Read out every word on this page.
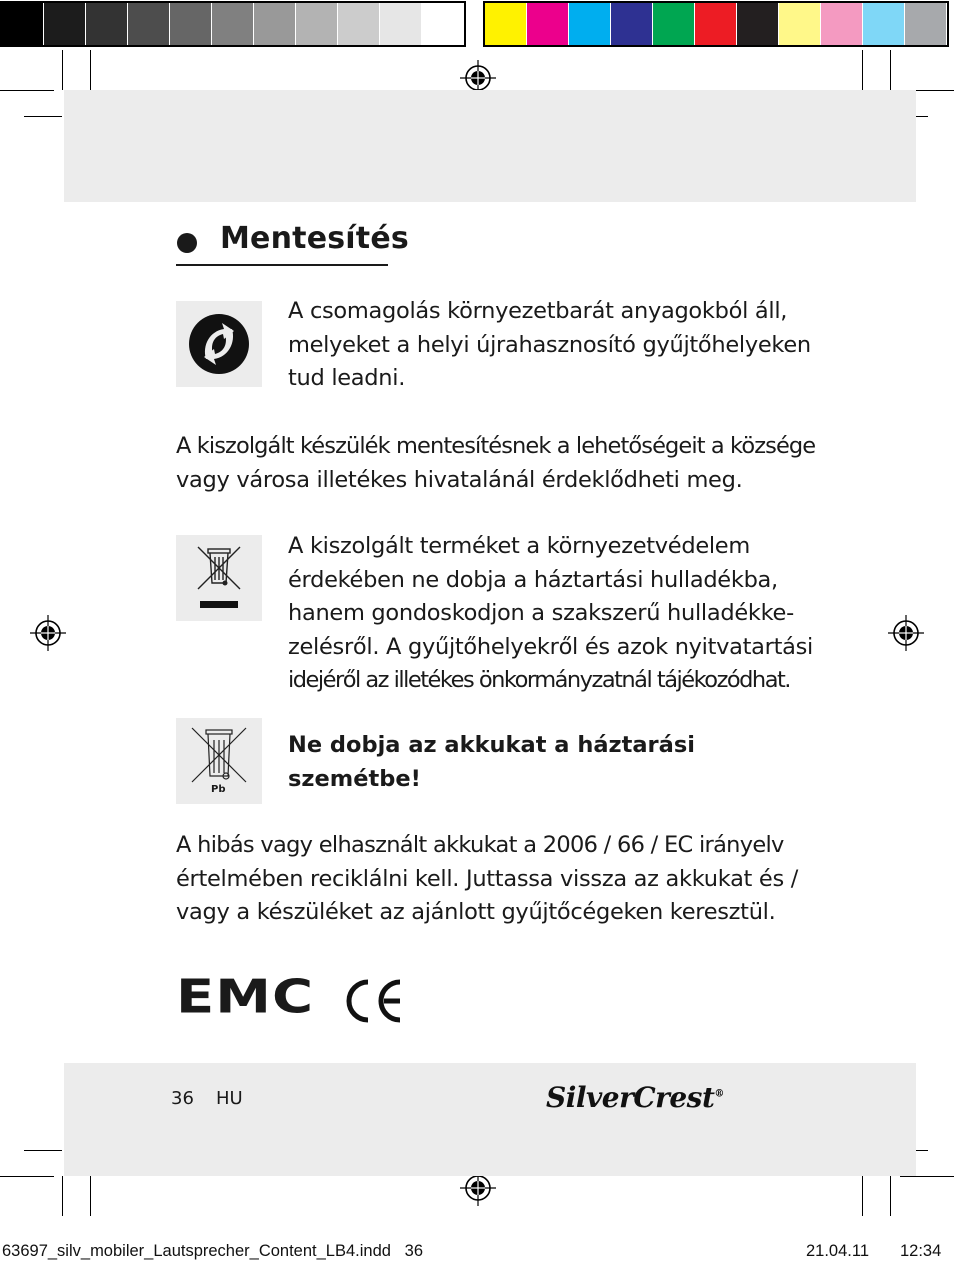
Mentesítés
A csomagolás környezetbarát anyagokból áll,
melyeket a helyi újrahasznosító gyűjtőhelyeken
tud leadni.
A kiszolgált készülék mentesítésnek a lehetőségeit a községe
vagy városa illetékes hivatalánál érdeklődheti meg.
A kiszolgált terméket a környezetvédelem
érdekében ne dobja a háztartási hulladékba,
hanem gondoskodjon a szakszerű hulladékke-
zelésről. A gyűjtőhelyekről és azok nyitvatartási
idejéről az illetékes önkormányzatnál tájékozódhat.
Pb
Ne dobja az akkukat a háztarási
szemétbe!
A hibás vagy elhasznált akkukat a 2006 / 66 / EC irányelv
értelmében reciklálni kell. Juttassa vissza az akkukat és /
vagy a készüléket az ajánlott gyűjtőcégeken keresztül.
EMC
36 HU	SilverCrest®
63697_silv_mobiler_Lautsprecher_Content_LB4.indd   36	21.04.11 12:34
